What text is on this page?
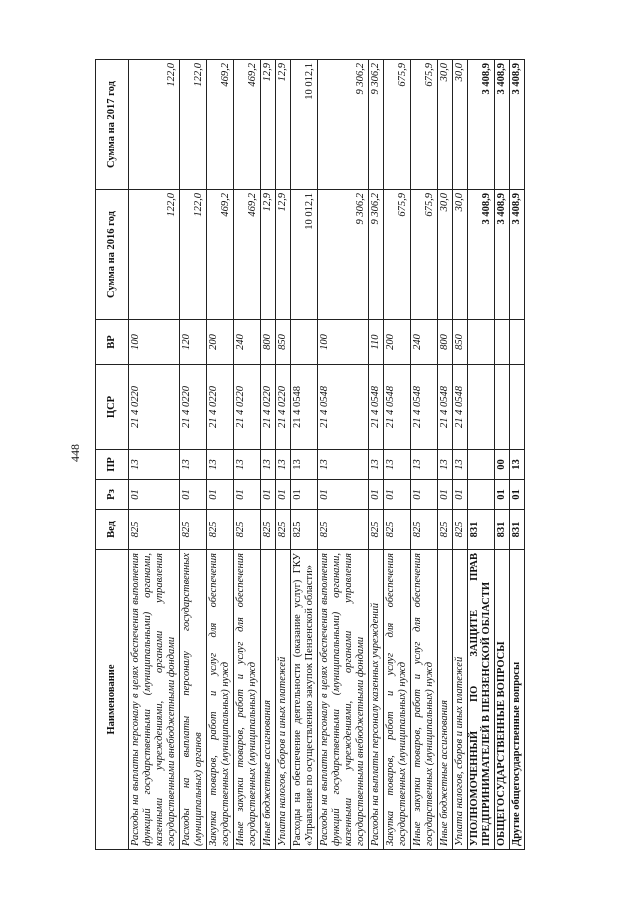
448
Наименование	Вед	Рз	ПР	ЦСР	ВР	Сумма на 2016 год	Сумма на 2017 год
Расходы на выплаты персоналу в целях обеспечения выполнения функций государственными (муниципальными) органами, казенными учреждениями, органами управления государственными внебюджетными фондами	825	01	13	21 4 0220	100	122,0	122,0
Расходы на выплаты персоналу государственных (муниципальных) органов	825	01	13	21 4 0220	120	122,0	122,0
Закупка товаров, работ и услуг для обеспечения государственных (муниципальных) нужд	825	01	13	21 4 0220	200	469,2	469,2
Иные закупки товаров, работ и услуг для обеспечения государственных (муниципальных) нужд	825	01	13	21 4 0220	240	469,2	469,2
Иные бюджетные ассигнования	825	01	13	21 4 0220	800	12,9	12,9
Уплата налогов, сборов и иных платежей	825	01	13	21 4 0220	850	12,9	12,9
Расходы на обеспечение деятельности (оказание услуг) ГКУ «Управление по осуществлению закупок Пензенской области»	825	01	13	21 4 0548		10 012,1	10 012,1
Расходы на выплаты персоналу в целях обеспечения выполнения функций государственными (муниципальными) органами, казенными учреждениями, органами управления государственными внебюджетными фондами	825	01	13	21 4 0548	100	9 306,2	9 306,2
Расходы на выплаты персоналу казенных учреждений	825	01	13	21 4 0548	110	9 306,2	9 306,2
Закупка товаров, работ и услуг для обеспечения государственных (муниципальных) нужд	825	01	13	21 4 0548	200	675,9	675,9
Иные закупки товаров, работ и услуг для обеспечения государственных (муниципальных) нужд	825	01	13	21 4 0548	240	675,9	675,9
Иные бюджетные ассигнования	825	01	13	21 4 0548	800	30,0	30,0
Уплата налогов, сборов и иных платежей	825	01	13	21 4 0548	850	30,0	30,0
УПОЛНОМОЧЕННЫЙ ПО ЗАЩИТЕ ПРАВ ПРЕДПРИНИМАТЕЛЕЙ В ПЕНЗЕНСКОЙ ОБЛАСТИ	831					3 408,9	3 408,9
ОБЩЕГОСУДАРСТВЕННЫЕ ВОПРОСЫ	831	01	00			3 408,9	3 408,9
Другие общегосударственные вопросы	831	01	13			3 408,9	3 408,9
